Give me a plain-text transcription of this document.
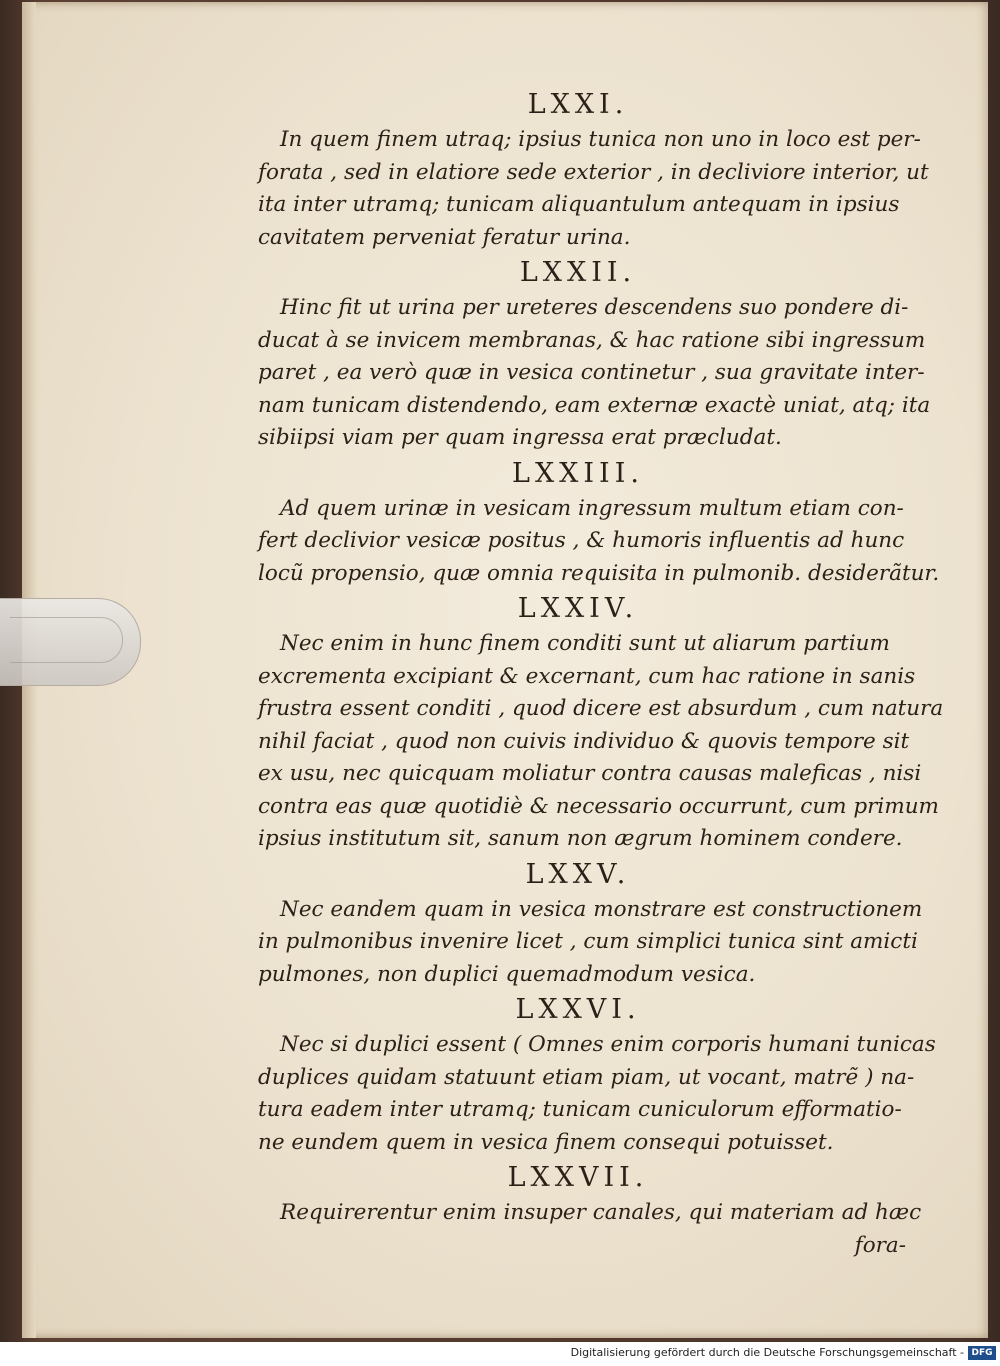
LXXI.
In quem finem utraq; ipsius tunica non uno in loco est per-
forata , sed in elatiore sede exterior , in decliviore interior, ut
ita inter utramq; tunicam aliquantulum antequam in ipsius
cavitatem perveniat feratur urina.
LXXII.
Hinc fit ut urina per ureteres descendens suo pondere di-
ducat à se invicem membranas, & hac ratione sibi ingressum
paret , ea verò quæ in vesica continetur , sua gravitate inter-
nam tunicam distendendo, eam externæ exactè uniat, atq; ita
sibiipsi viam per quam ingressa erat præcludat.
LXXIII.
Ad quem urinæ in vesicam ingressum multum etiam con-
fert declivior vesicæ positus , & humoris influentis ad hunc
locũ propensio, quæ omnia requisita in pulmonib. desiderãtur.
LXXIV.
Nec enim in hunc finem conditi sunt ut aliarum partium
excrementa excipiant & excernant, cum hac ratione in sanis
frustra essent conditi , quod dicere est absurdum , cum natura
nihil faciat , quod non cuivis individuo & quovis tempore sit
ex usu, nec quicquam moliatur contra causas maleficas , nisi
contra eas quæ quotidiè & necessario occurrunt, cum primum
ipsius institutum sit, sanum non ægrum hominem condere.
LXXV.
Nec eandem quam in vesica monstrare est constructionem
in pulmonibus invenire licet , cum simplici tunica sint amicti
pulmones, non duplici quemadmodum vesica.
LXXVI.
Nec si duplici essent ( Omnes enim corporis humani tunicas
duplices quidam statuunt etiam piam, ut vocant, matrẽ ) na-
tura eadem inter utramq; tunicam cuniculorum efformatio-
ne eundem quem in vesica finem consequi potuisset.
LXXVII.
Requirerentur enim insuper canales, qui materiam ad hæc
fora-
Digitalisierung gefördert durch die Deutsche Forschungsgemeinschaft - DFG
